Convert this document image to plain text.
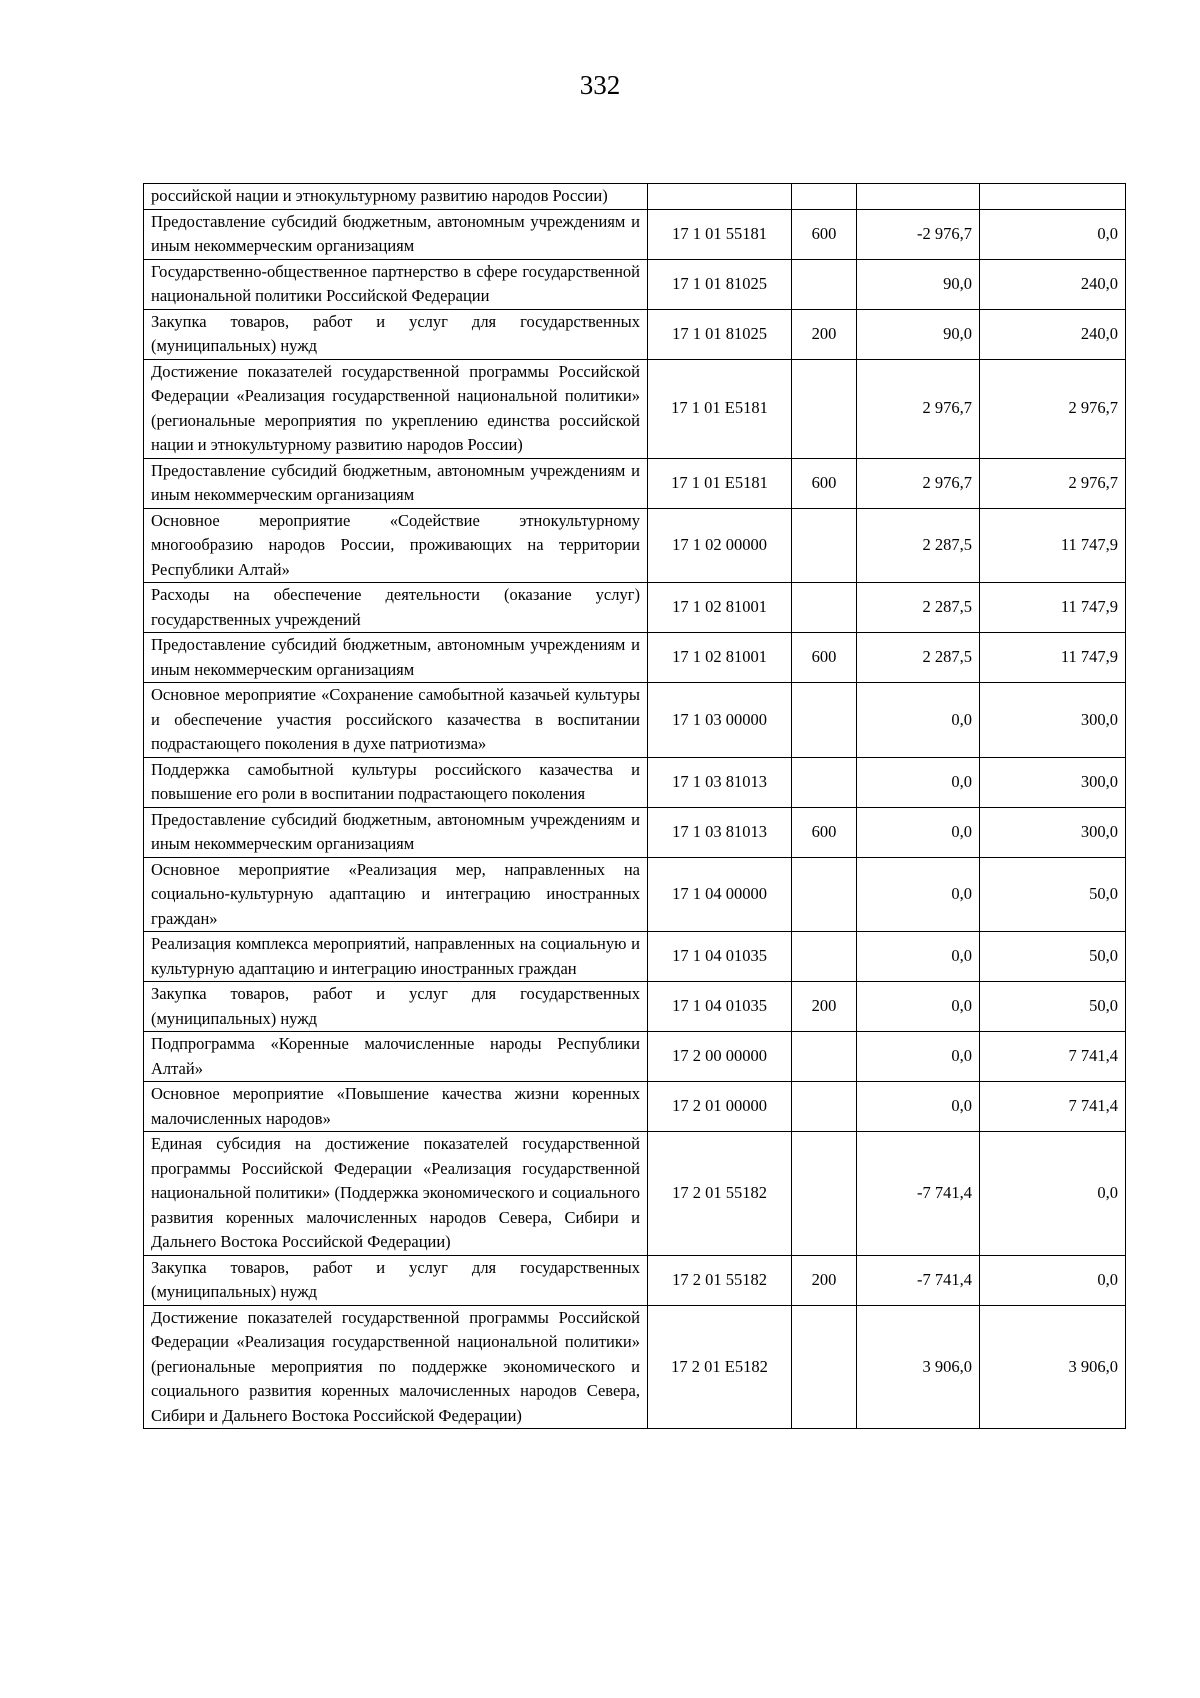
332
российской нации и этнокультурному развитию народов России)				
Предоставление субсидий бюджетным, автономным учреждениям и иным некоммерческим организациям	17 1 01 55181	600	-2 976,7	0,0
Государственно-общественное партнерство в сфере государственной национальной политики Российской Федерации	17 1 01 81025		90,0	240,0
Закупка товаров, работ и услуг для государственных (муниципальных) нужд	17 1 01 81025	200	90,0	240,0
Достижение показателей государственной программы Российской Федерации «Реализация государственной национальной политики» (региональные мероприятия по укреплению единства российской нации и этнокультурному развитию народов России)	17 1 01 E5181		2 976,7	2 976,7
Предоставление субсидий бюджетным, автономным учреждениям и иным некоммерческим организациям	17 1 01 E5181	600	2 976,7	2 976,7
Основное мероприятие «Содействие этнокультурному многообразию народов России, проживающих на территории Республики Алтай»	17 1 02 00000		2 287,5	11 747,9
Расходы на обеспечение деятельности (оказание услуг) государственных учреждений	17 1 02 81001		2 287,5	11 747,9
Предоставление субсидий бюджетным, автономным учреждениям и иным некоммерческим организациям	17 1 02 81001	600	2 287,5	11 747,9
Основное мероприятие «Сохранение самобытной казачьей культуры и обеспечение участия российского казачества в воспитании подрастающего поколения в духе патриотизма»	17 1 03 00000		0,0	300,0
Поддержка самобытной культуры российского казачества и повышение его роли в воспитании подрастающего поколения	17 1 03 81013		0,0	300,0
Предоставление субсидий бюджетным, автономным учреждениям и иным некоммерческим организациям	17 1 03 81013	600	0,0	300,0
Основное мероприятие «Реализация мер, направленных на социально-культурную адаптацию и интеграцию иностранных граждан»	17 1 04 00000		0,0	50,0
Реализация комплекса мероприятий, направленных на социальную и культурную адаптацию и интеграцию иностранных граждан	17 1 04 01035		0,0	50,0
Закупка товаров, работ и услуг для государственных (муниципальных) нужд	17 1 04 01035	200	0,0	50,0
Подпрограмма «Коренные малочисленные народы Республики Алтай»	17 2 00 00000		0,0	7 741,4
Основное мероприятие «Повышение качества жизни коренных малочисленных народов»	17 2 01 00000		0,0	7 741,4
Единая субсидия на достижение показателей государственной программы Российской Федерации «Реализация государственной национальной политики» (Поддержка экономического и социального развития коренных малочисленных народов Севера, Сибири и Дальнего Востока Российской Федерации)	17 2 01 55182		-7 741,4	0,0
Закупка товаров, работ и услуг для государственных (муниципальных) нужд	17 2 01 55182	200	-7 741,4	0,0
Достижение показателей государственной программы Российской Федерации «Реализация государственной национальной политики» (региональные мероприятия по поддержке экономического и социального развития коренных малочисленных народов Севера, Сибири и Дальнего Востока Российской Федерации)	17 2 01 E5182		3 906,0	3 906,0
